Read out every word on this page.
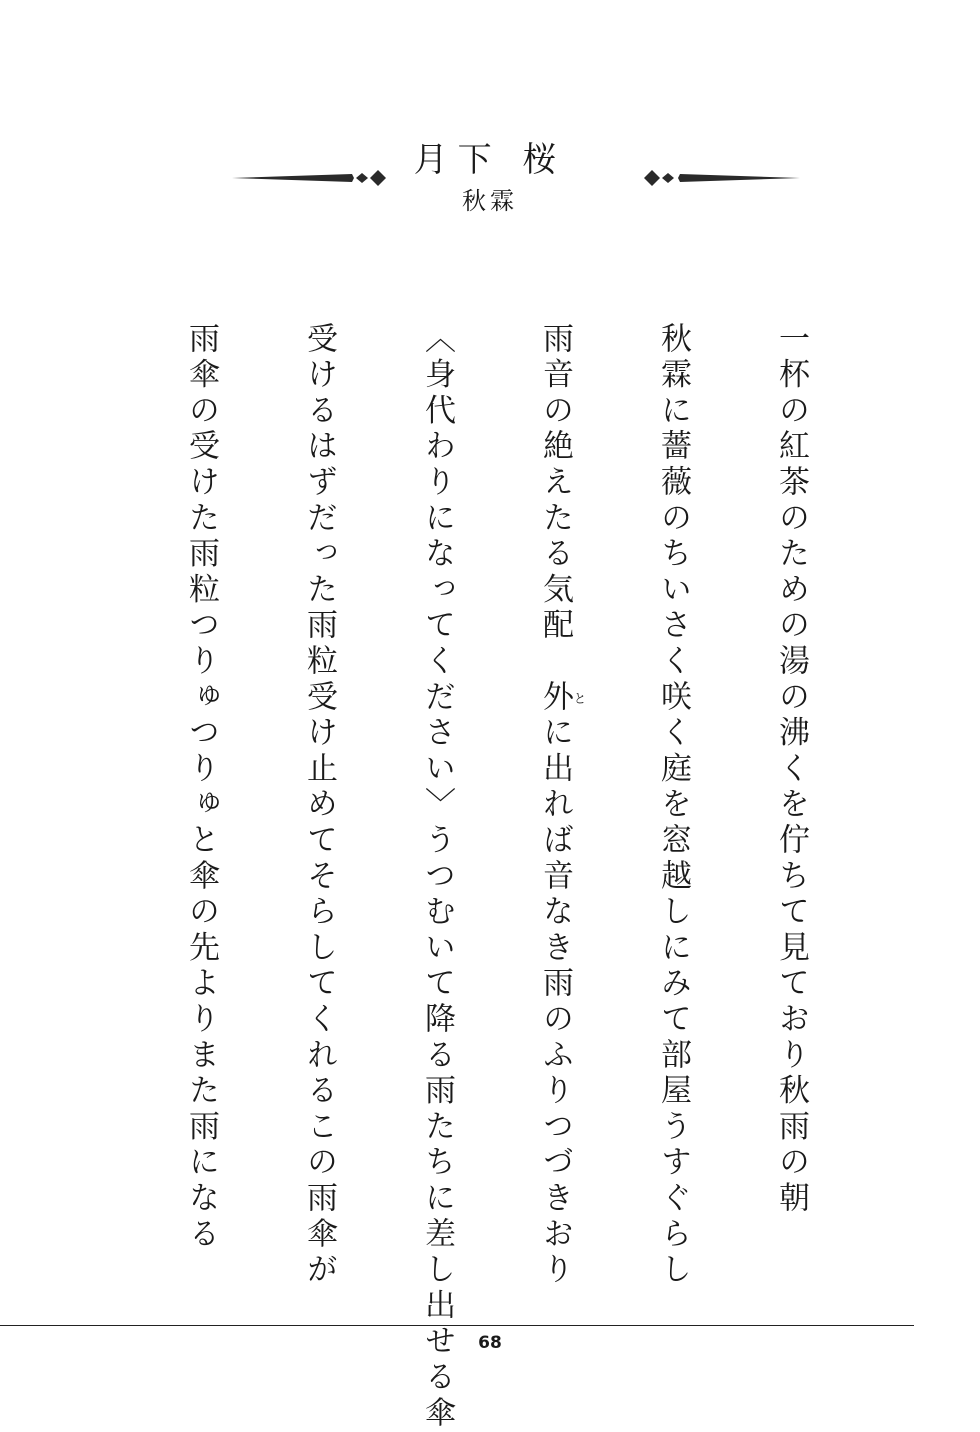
月下 桜
秋霖
一杯の紅茶のための湯の沸くを佇ちて見ており秋雨の朝
秋霖に薔薇のちいさく咲く庭を窓越しにみて部屋うすぐらし
雨音の絶えたる気配　外とに出れば音なき雨のふりつづきおり
〈身代わりになってください〉うつむいて降る雨たちに差し出せる傘
受けるはずだった雨粒受け止めてそらしてくれるこの雨傘が
雨傘の受けた雨粒つりゅつりゅと傘の先よりまた雨になる
68
